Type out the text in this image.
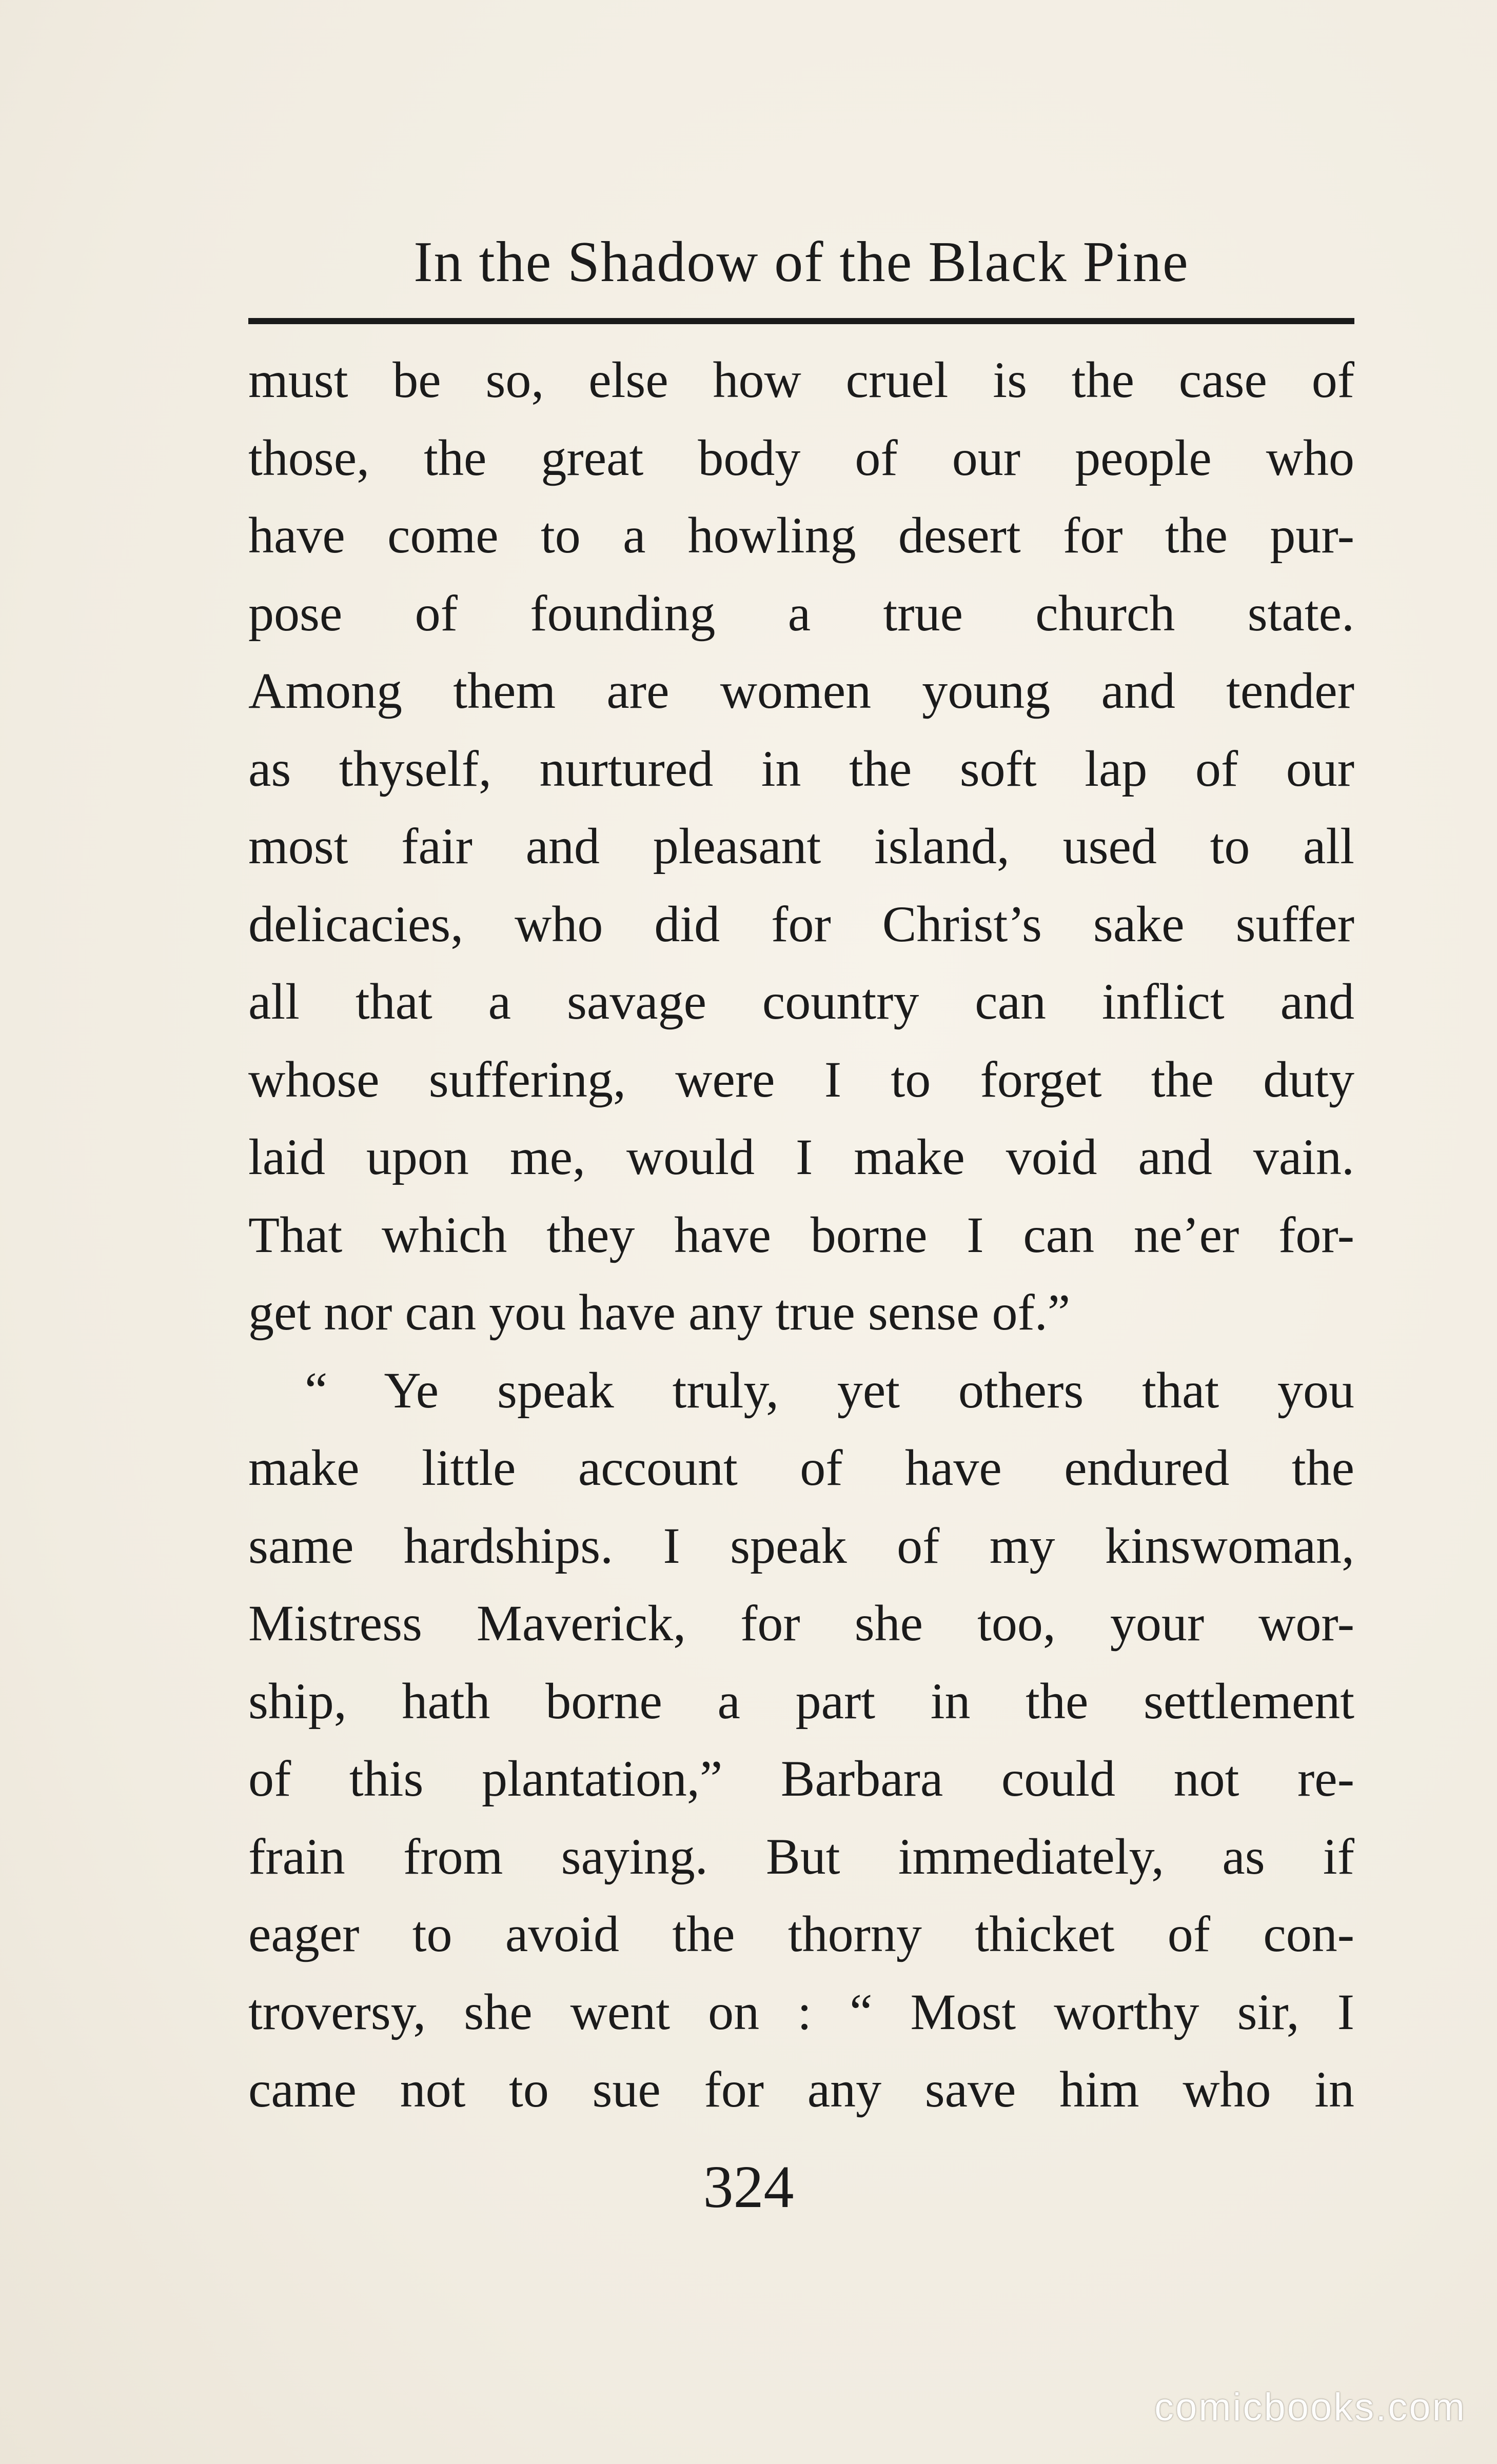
In the Shadow of the Black Pine
must be so, else how cruel is the case of
those, the great body of our people who
have come to a howling desert for the pur-
pose of founding a true church state.
Among them are women young and tender
as thyself, nurtured in the soft lap of our
most fair and pleasant island, used to all
delicacies, who did for Christ’s sake suffer
all that a savage country can inflict and
whose suffering, were I to forget the duty
laid upon me, would I make void and vain.
That which they have borne I can ne’er for-
get nor can you have any true sense of.”
“ Ye speak truly, yet others that you
make little account of have endured the
same hardships. I speak of my kinswoman,
Mistress Maverick, for she too, your wor-
ship, hath borne a part in the settlement
of this plantation,” Barbara could not re-
frain from saying. But immediately, as if
eager to avoid the thorny thicket of con-
troversy, she went on : “ Most worthy sir, I
came not to sue for any save him who in
324
comicbooks.com
